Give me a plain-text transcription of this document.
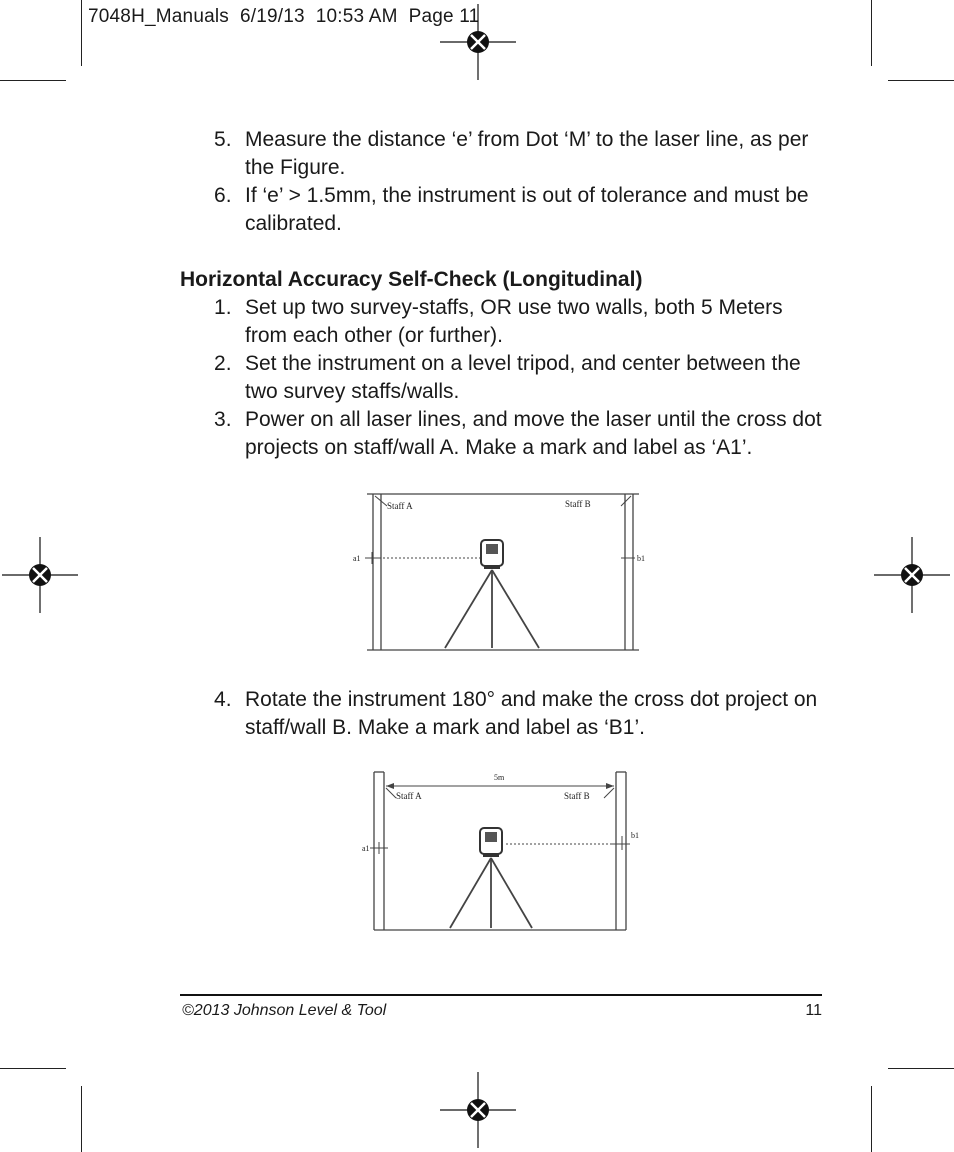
7048H_Manuals 6/19/13 10:53 AM Page 11
5 . Measure the distance ‘e’ from Dot ‘M’ to the laser line, as per the Figure.
6 . If ‘e’ > 1.5mm, the instrument is out of tolerance and must be calibrated.
Horizontal Accuracy Self-Check (Longitudinal)
1 . Set up two survey-staffs, OR use two walls, both 5 Meters from each other (or further).
2 . Set the instrument on a level tripod, and center between the two survey staffs/walls.
3 . Power on all laser lines, and move the laser until the cross dot projects on staff/wall A. Make a mark and label as ‘A1’.
4 . Rotate the instrument 180° and make the cross dot project on staff/wall B. Make a mark and label as ‘B1’.
Staff A	Staff B
a1	b1
5m
Staff A	Staff B
a1
b1
©2013 Johnson Level & Tool	11
